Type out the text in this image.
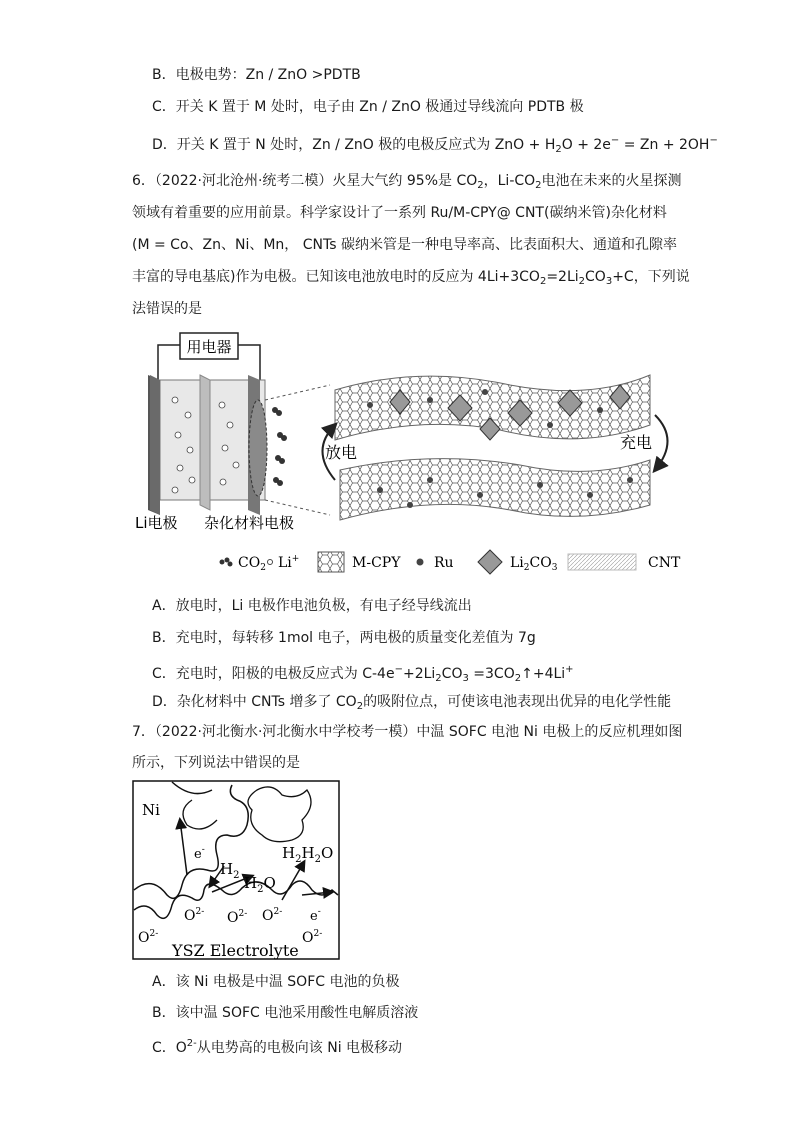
B．电极电势：Zn / ZnO >PDTB
C．开关 K 置于 M 处时，电子由 Zn / ZnO 极通过导线流向 PDTB 极
D．开关 K 置于 N 处时，Zn / ZnO 极的电极反应式为 ZnO + $H_2O + 2e^- = Zn + 2OH^-$
6．（2022·河北沧州·统考二模）火星大气约 95%是 $CO_2$，$Li-CO_2$电池在未来的火星探测
领域有着重要的应用前景。科学家设计了一系列 Ru/M-CPY@ CNT(碳纳米管)杂化材料
(M = Co、Zn、Ni、Mn， CNTs 碳纳米管是一种电导率高、比表面积大、通道和孔隙率
丰富的导电基底)作为电极。已知该电池放电时的反应为 $4Li+3CO_2=2Li_2CO_3+C$，下列说
法错误的是
用电器
放电
充电
Li电极 杂化材料电极
$CO_2$ Li+	M-CPY Ru	$Li_2CO_3$	CNT
A．放电时，Li 电极作电池负极，有电子经导线流出
B．充电时，每转移 1mol 电子，两电极的质量变化差值为 7g
C．充电时，阳极的电极反应式为 $C-4e^-+2Li_2CO_3$ $=3CO_2↑+4Li^+$
D．杂化材料中 CNTs 增多了 $CO_2$的吸附位点，可使该电池表现出优异的电化学性能
7．（2022·河北衡水·河北衡水中学校考一模）中温 SOFC 电池 Ni 电极上的反应机理如图
所示，下列说法中错误的是
Ni
e-
$H_2$ $H_2O$
$H_2H_2O$
e-
$O^{2-}$ $O^{2-}$ $O^{2-}$
$O^{2-}$	$O^{2-}$
YSZ Electrolyte
A．该 Ni 电极是中温 SOFC 电池的负极
B．该中温 SOFC 电池采用酸性电解质溶液
C．$O^{2-}$从电势高的电极向该 Ni 电极移动
